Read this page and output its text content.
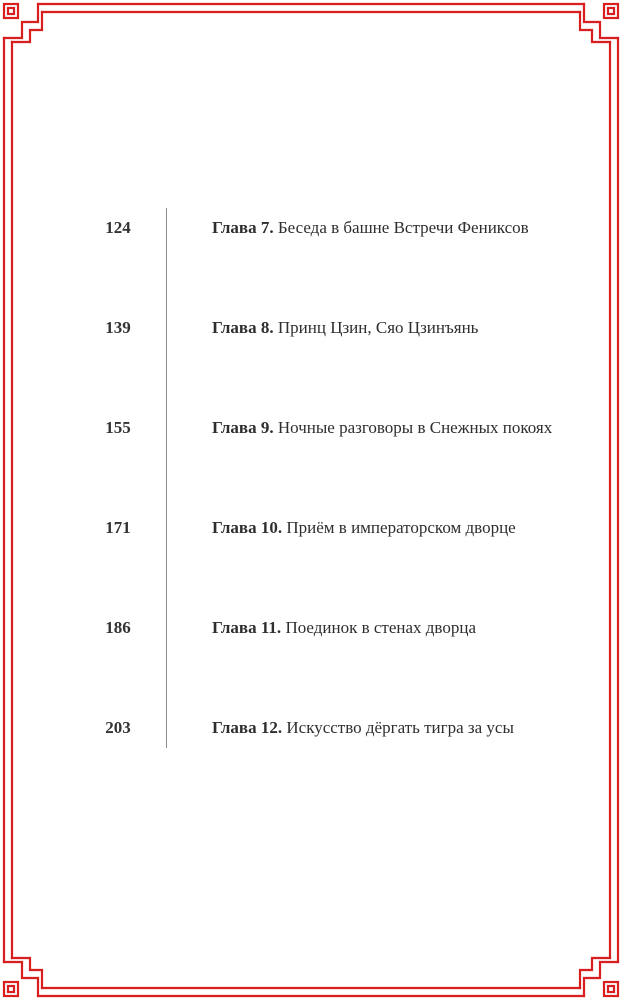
124	Глава 7. Беседа в башне Встречи Фениксов
139	Глава 8. Принц Цзин, Сяо Цзинъянь
155	Глава 9. Ночные разговоры в Снежных покоях
171	Глава 10. Приём в императорском дворце
186	Глава 11. Поединок в стенах дворца
203	Глава 12. Искусство дёргать тигра за усы
